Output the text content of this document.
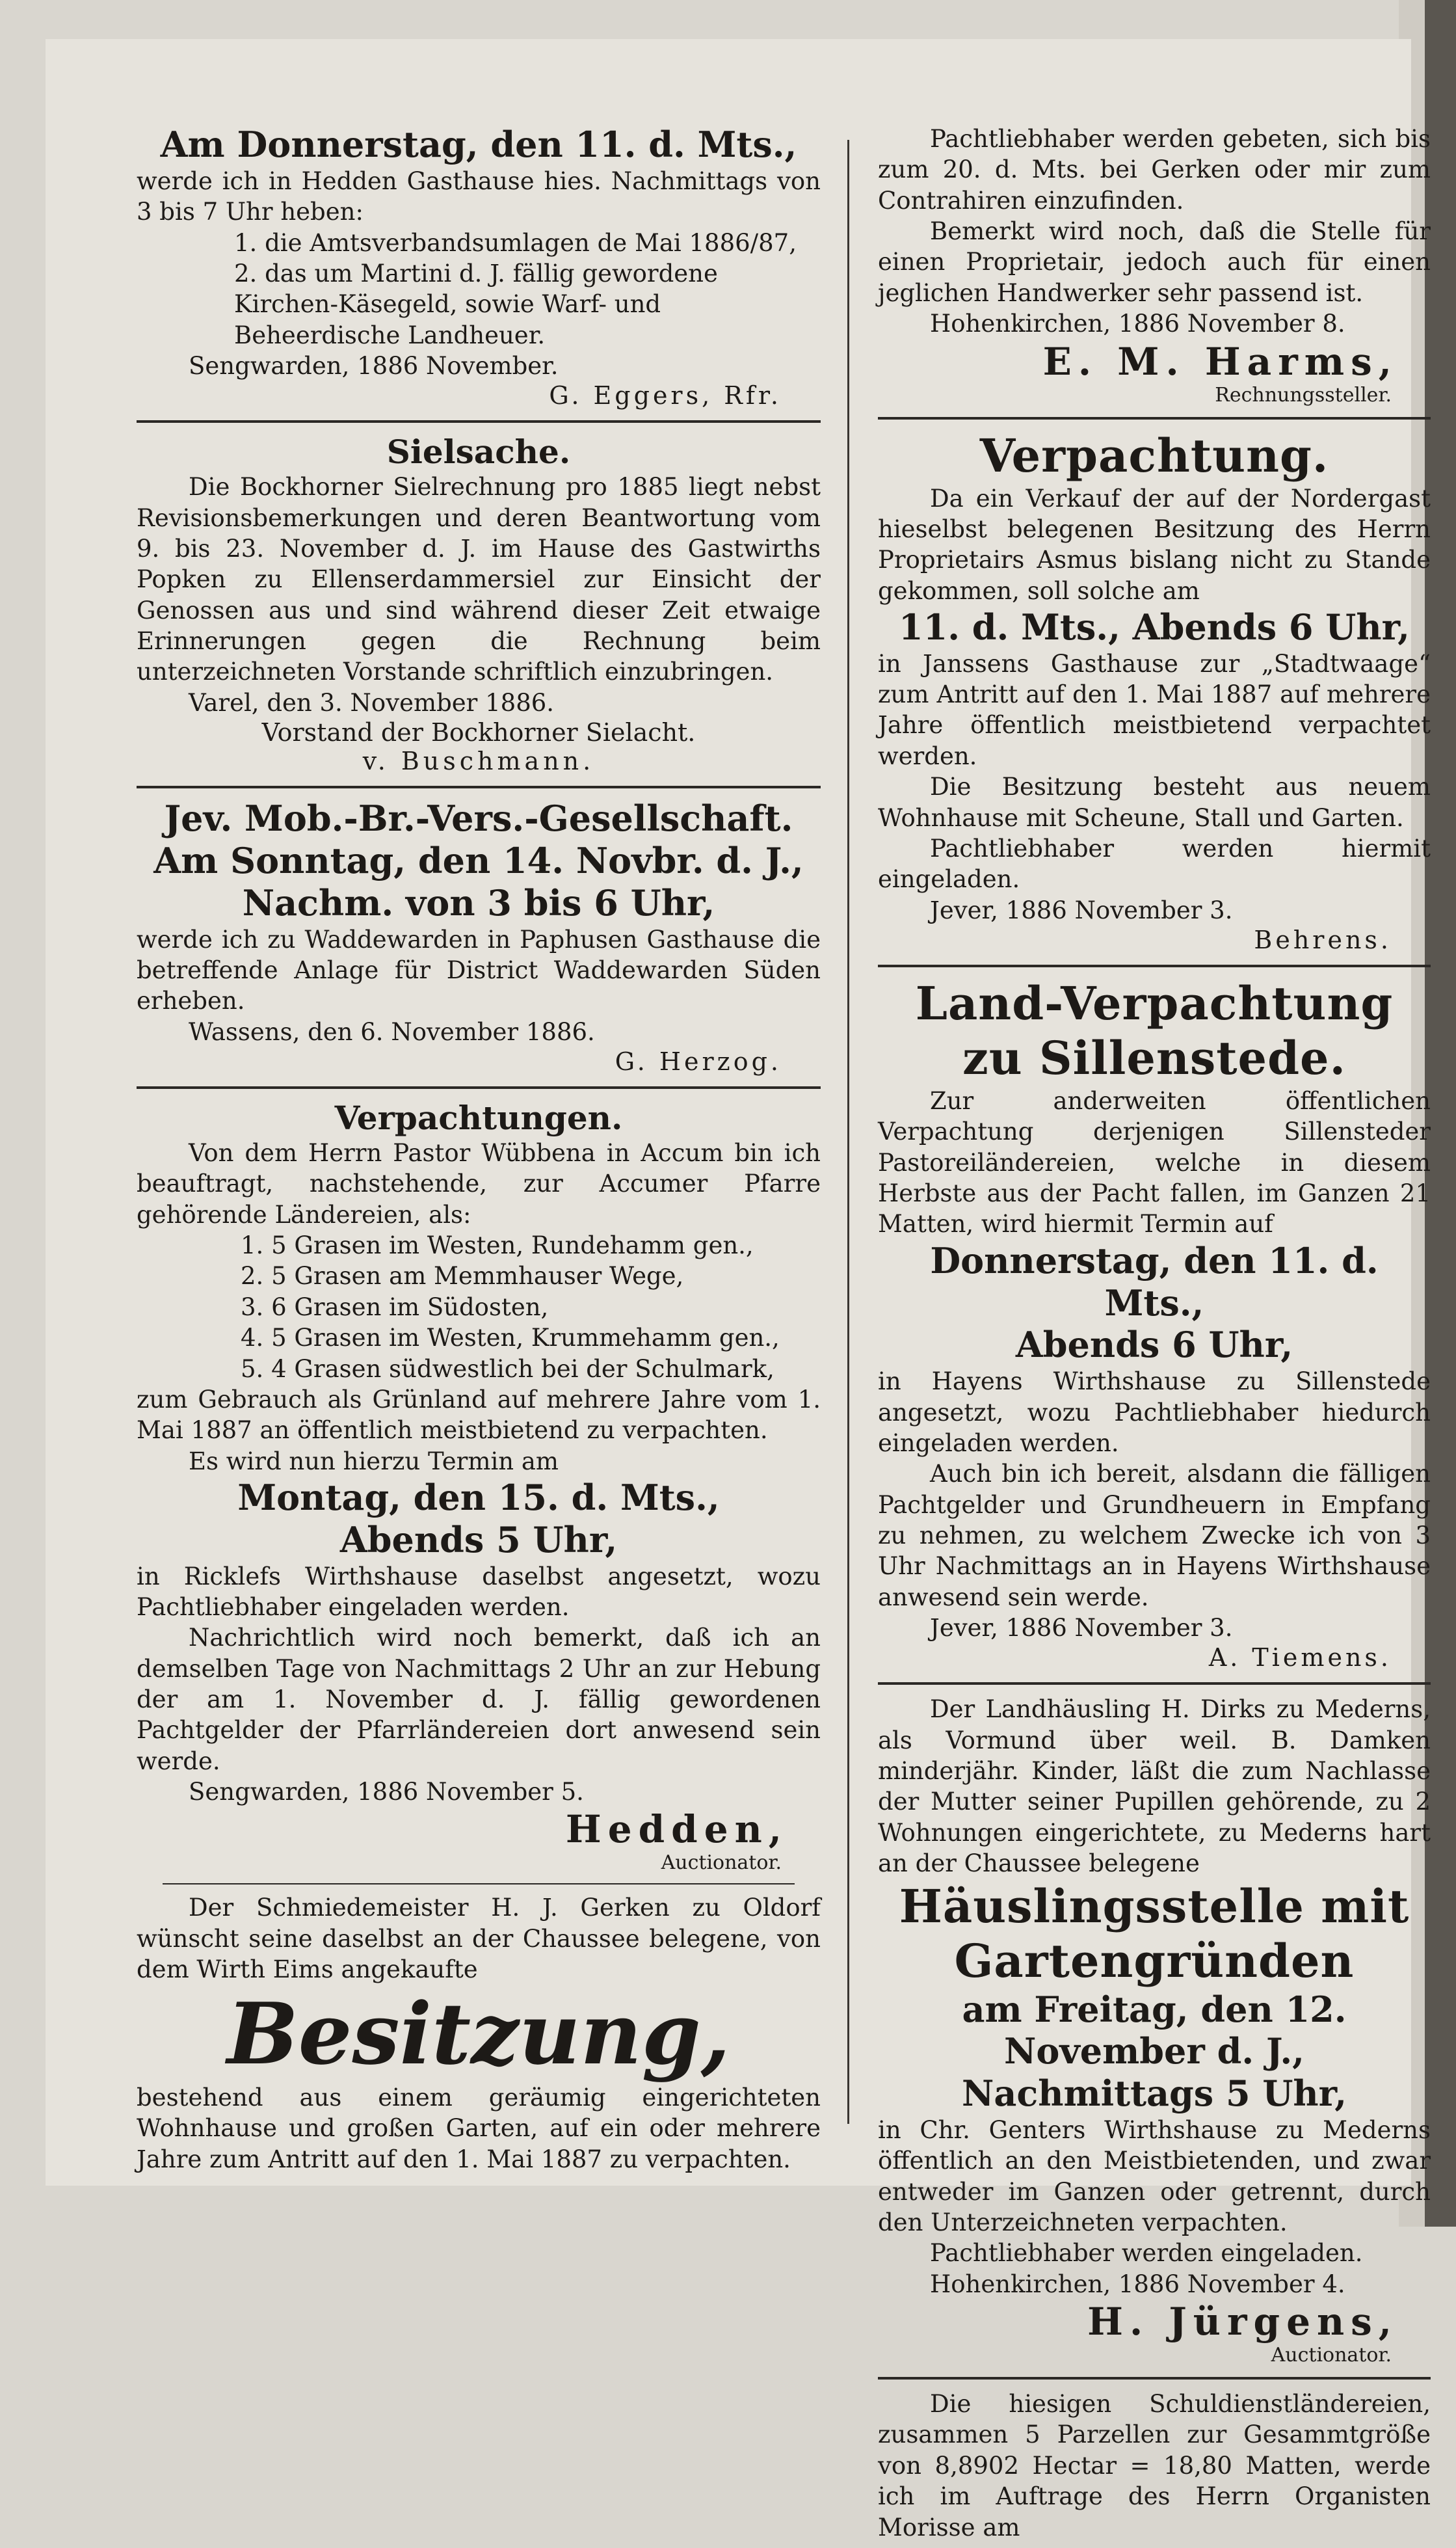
Am Donnerstag, den 11. d. Mts.,

werde ich in Hedden Gasthause hies. Nachmittags von 3 bis 7 Uhr heben:

1. die Amtsverbandsumlagen de Mai 1886/87,
2. das um Martini d. J. fällig gewordene Kirchen-Käsegeld, sowie Warf- und Beheerdische Landheuer.

Sengwarden, 1886 November.

G. Eggers, Rfr.
Sielsache.

Die Bockhorner Sielrechnung pro 1885 liegt nebst Revisionsbemerkungen und deren Beantwortung vom 9. bis 23. November d. J. im Hause des Gastwirths Popken zu Ellenserdammersiel zur Einsicht der Genossen aus und sind während dieser Zeit etwaige Erinnerungen gegen die Rechnung beim unterzeichneten Vorstande schriftlich einzubringen.

Varel, den 3. November 1886.

Vorstand der Bockhorner Sielacht.
v. Buschmann.
Jev. Mob.-Br.-Vers.-Gesellschaft.
Am Sonntag, den 14. Novbr. d. J.,
Nachm. von 3 bis 6 Uhr,

werde ich zu Waddewarden in Paphusen Gasthause die betreffende Anlage für District Waddewarden Süden erheben.

Wassens, den 6. November 1886.

G. Herzog.
Verpachtungen.

Von dem Herrn Pastor Wübbena in Accum bin ich beauftragt, nachstehende, zur Accumer Pfarre gehörende Ländereien, als:

1. 5 Grasen im Westen, Rundehamm gen.,
2. 5 Grasen am Memmhauser Wege,
3. 6 Grasen im Südosten,
4. 5 Grasen im Westen, Krummehamm gen.,
5. 4 Grasen südwestlich bei der Schulmark,

zum Gebrauch als Grünland auf mehrere Jahre vom 1. Mai 1887 an öffentlich meistbietend zu verpachten.

Es wird nun hierzu Termin am

Montag, den 15. d. Mts.,
Abends 5 Uhr,

in Ricklefs Wirthshause daselbst angesetzt, wozu Pachtliebhaber eingeladen werden.

Nachrichtlich wird noch bemerkt, daß ich an demselben Tage von Nachmittags 2 Uhr an zur Hebung der am 1. November d. J. fällig gewordenen Pachtgelder der Pfarrländereien dort anwesend sein werde.

Sengwarden, 1886 November 5.

Hedden,
Auctionator.

Der Schmiedemeister H. J. Gerken zu Oldorf wünscht seine daselbst an der Chaussee belegene, von dem Wirth Eims angekaufte

Besitzung,

bestehend aus einem geräumig eingerichteten Wohnhause und großen Garten, auf ein oder mehrere Jahre zum Antritt auf den 1. Mai 1887 zu verpachten.

Pachtliebhaber werden gebeten, sich bis zum 20. d. Mts. bei Gerken oder mir zum Contrahiren einzufinden.

Bemerkt wird noch, daß die Stelle für einen Proprietair, jedoch auch für einen jeglichen Handwerker sehr passend ist.

Hohenkirchen, 1886 November 8.

E. M. Harms,
Rechnungssteller.
Verpachtung.

Da ein Verkauf der auf der Nordergast hieselbst belegenen Besitzung des Herrn Proprietairs Asmus bislang nicht zu Stande gekommen, soll solche am

11. d. Mts., Abends 6 Uhr,

in Janssens Gasthause zur „Stadtwaage“ zum Antritt auf den 1. Mai 1887 auf mehrere Jahre öffentlich meistbietend verpachtet werden.

Die Besitzung besteht aus neuem Wohnhause mit Scheune, Stall und Garten.

Pachtliebhaber werden hiermit eingeladen.

Jever, 1886 November 3.

Behrens.
Land-Verpachtung
zu Sillenstede.

Zur anderweiten öffentlichen Verpachtung derjenigen Sillensteder Pastoreiländereien, welche in diesem Herbste aus der Pacht fallen, im Ganzen 21 Matten, wird hiermit Termin auf

Donnerstag, den 11. d. Mts.,
Abends 6 Uhr,

in Hayens Wirthshause zu Sillenstede angesetzt, wozu Pachtliebhaber hiedurch eingeladen werden.

Auch bin ich bereit, alsdann die fälligen Pachtgelder und Grundheuern in Empfang zu nehmen, zu welchem Zwecke ich von 3 Uhr Nachmittags an in Hayens Wirthshause anwesend sein werde.

Jever, 1886 November 3.

A. Tiemens.

Der Landhäusling H. Dirks zu Mederns, als Vormund über weil. B. Damken minderjähr. Kinder, läßt die zum Nachlasse der Mutter seiner Pupillen gehörende, zu 2 Wohnungen eingerichtete, zu Mederns hart an der Chaussee belegene

Häuslingsstelle mit
Gartengründen
am Freitag, den 12. November d. J.,
Nachmittags 5 Uhr,

in Chr. Genters Wirthshause zu Mederns öffentlich an den Meistbietenden, und zwar entweder im Ganzen oder getrennt, durch den Unterzeichneten verpachten.

Pachtliebhaber werden eingeladen.

Hohenkirchen, 1886 November 4.

H. Jürgens,
Auctionator.

Die hiesigen Schuldienstländereien, zusammen 5 Parzellen zur Gesammtgröße von 8,8902 Hectar = 18,80 Matten, werde ich im Auftrage des Herrn Organisten Morisse am
